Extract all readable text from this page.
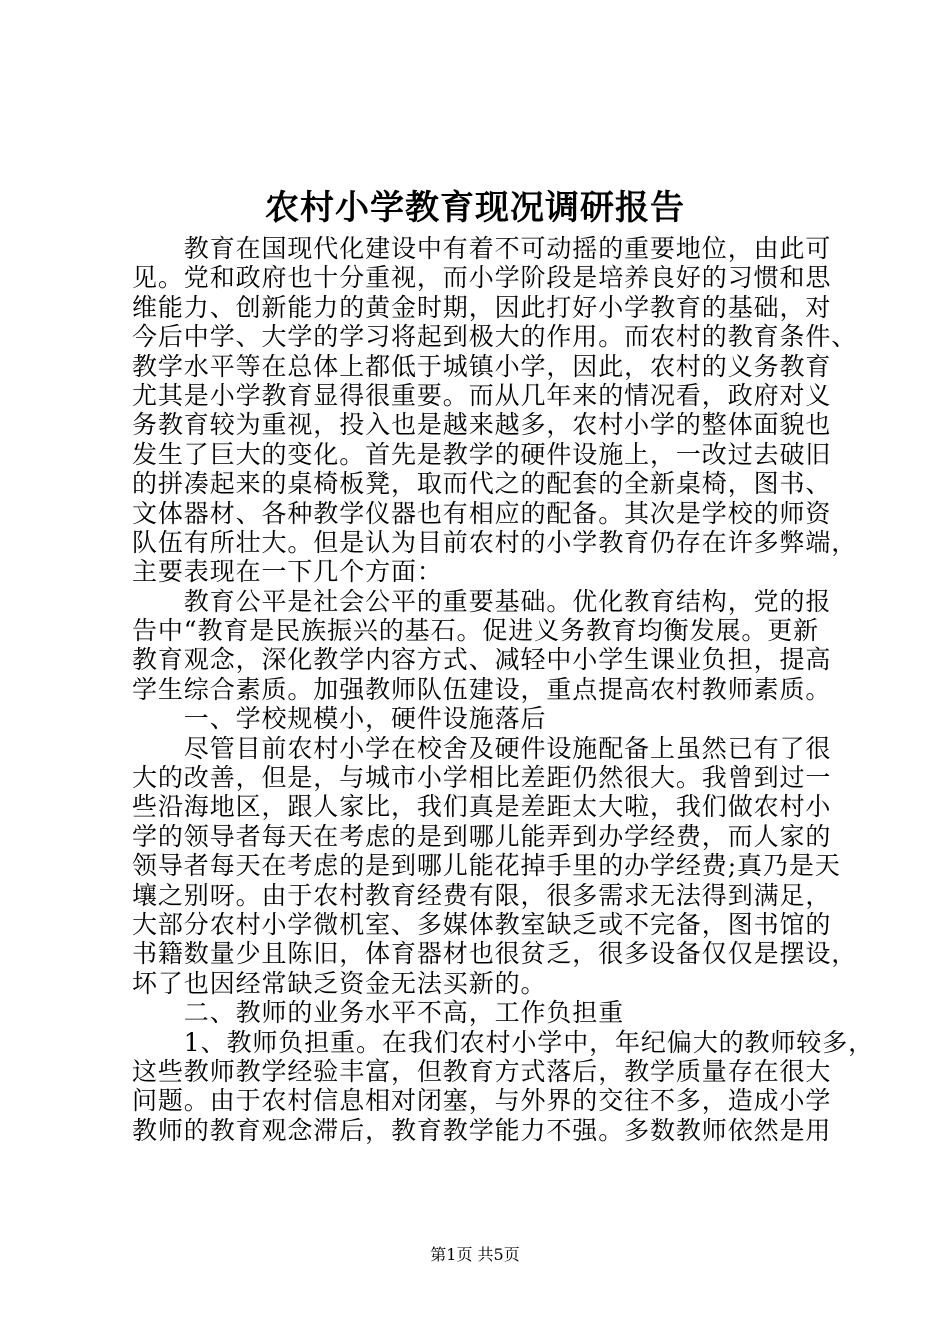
农村小学教育现况调研报告
　　教育在国现代化建设中有着不可动摇的重要地位，由此可
见。党和政府也十分重视，而小学阶段是培养良好的习惯和思
维能力、创新能力的黄金时期，因此打好小学教育的基础，对
今后中学、大学的学习将起到极大的作用。而农村的教育条件、
教学水平等在总体上都低于城镇小学，因此，农村的义务教育
尤其是小学教育显得很重要。而从几年来的情况看，政府对义
务教育较为重视，投入也是越来越多，农村小学的整体面貌也
发生了巨大的变化。首先是教学的硬件设施上，一改过去破旧
的拼凑起来的桌椅板凳，取而代之的配套的全新桌椅，图书、
文体器材、各种教学仪器也有相应的配备。其次是学校的师资
队伍有所壮大。但是认为目前农村的小学教育仍存在许多弊端，
主要表现在一下几个方面：
　　教育公平是社会公平的重要基础。优化教育结构，党的报
告中“教育是民族振兴的基石。促进义务教育均衡发展。更新
教育观念，深化教学内容方式、减轻中小学生课业负担，提高
学生综合素质。加强教师队伍建设，重点提高农村教师素质。
　　一、学校规模小，硬件设施落后
　　尽管目前农村小学在校舍及硬件设施配备上虽然已有了很
大的改善，但是，与城市小学相比差距仍然很大。我曾到过一
些沿海地区，跟人家比，我们真是差距太大啦，我们做农村小
学的领导者每天在考虑的是到哪儿能弄到办学经费，而人家的
领导者每天在考虑的是到哪儿能花掉手里的办学经费;真乃是天
壤之别呀。由于农村教育经费有限，很多需求无法得到满足，
大部分农村小学微机室、多媒体教室缺乏或不完备，图书馆的
书籍数量少且陈旧，体育器材也很贫乏，很多设备仅仅是摆设，
坏了也因经常缺乏资金无法买新的。
　　二、教师的业务水平不高，工作负担重
　　1、教师负担重。在我们农村小学中，年纪偏大的教师较多，
这些教师教学经验丰富，但教育方式落后，教学质量存在很大
问题。由于农村信息相对闭塞，与外界的交往不多，造成小学
教师的教育观念滞后，教育教学能力不强。多数教师依然是用
第1页 共5页
